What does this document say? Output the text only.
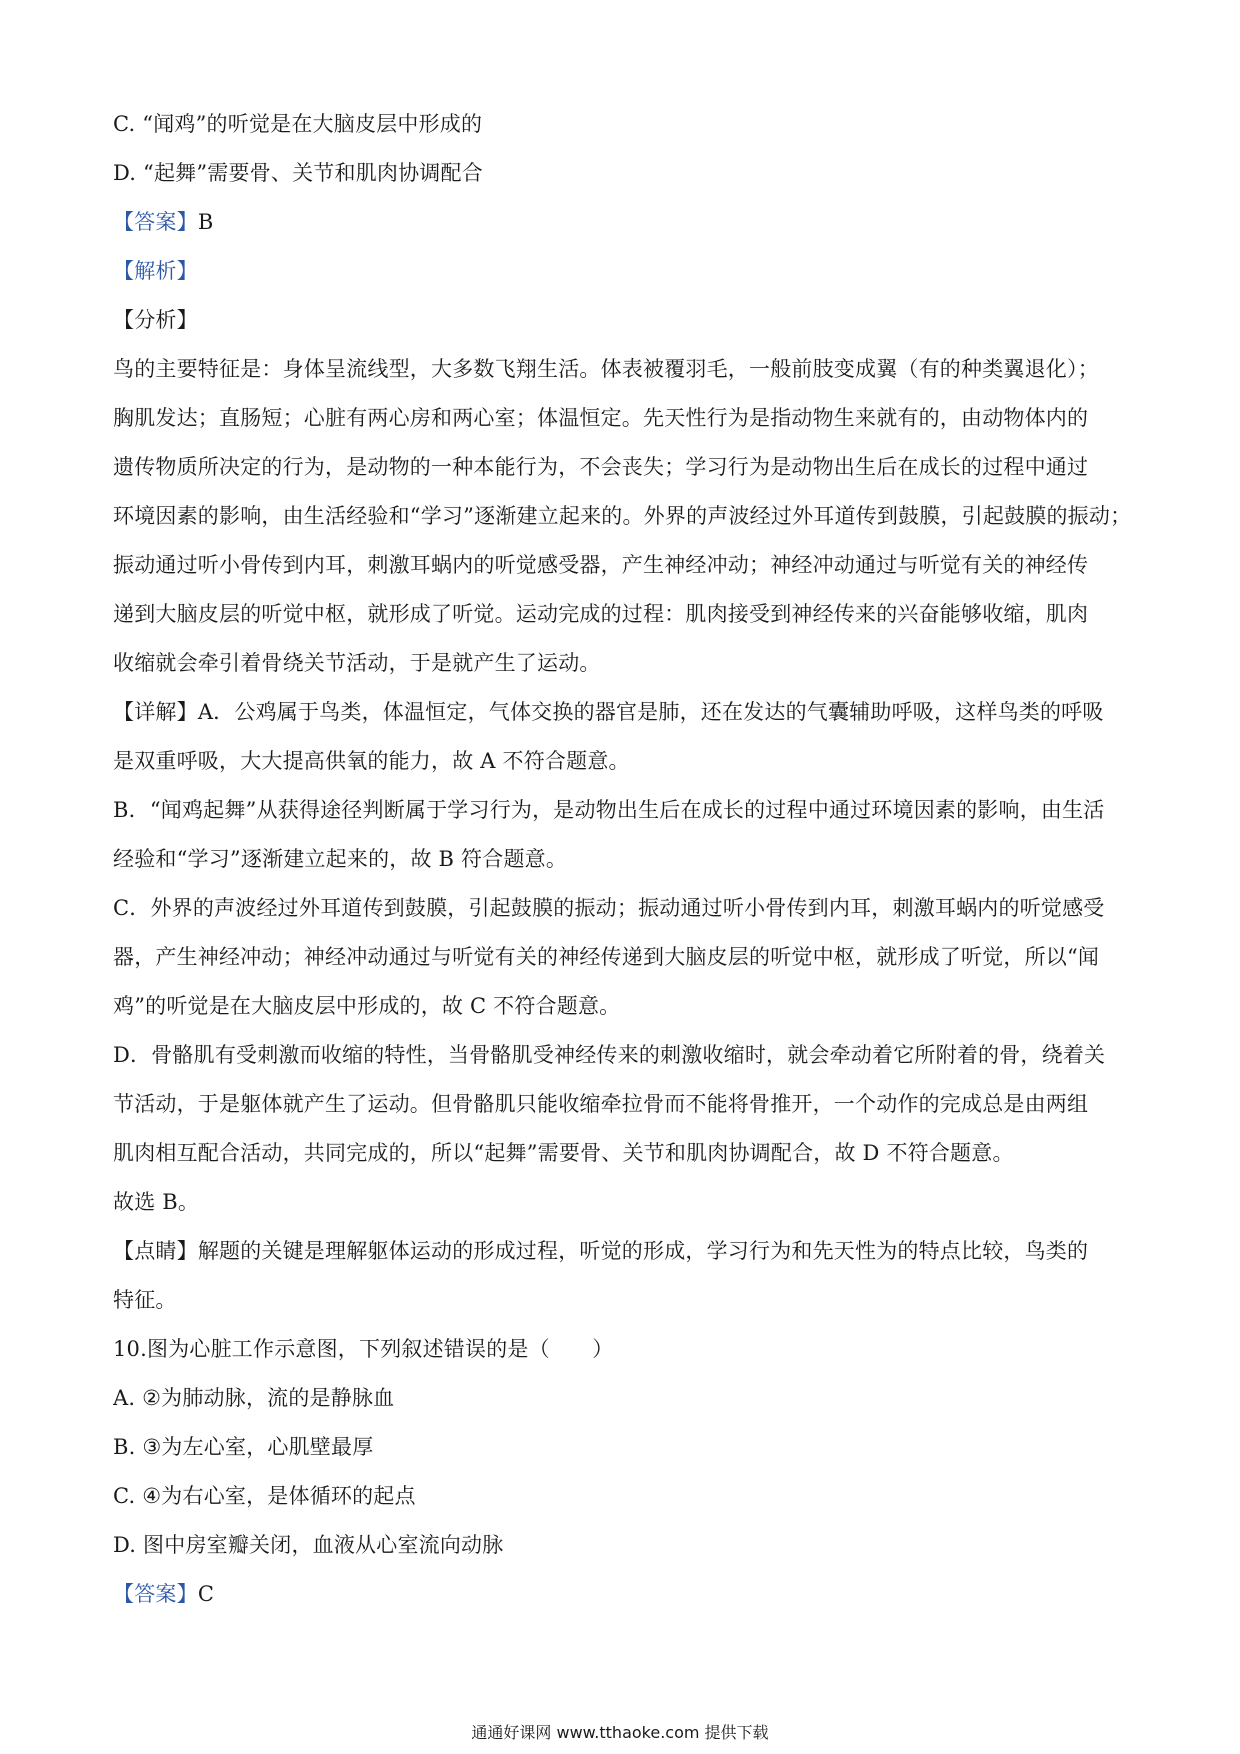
C. “闻鸡”的听觉是在大脑皮层中形成的
D. “起舞”需要骨、关节和肌肉协调配合
【答案】B
【解析】
【分析】
鸟的主要特征是：身体呈流线型，大多数飞翔生活。体表被覆羽毛，一般前肢变成翼（有的种类翼退化）；
胸肌发达；直肠短；心脏有两心房和两心室；体温恒定。先天性行为是指动物生来就有的，由动物体内的
遗传物质所决定的行为，是动物的一种本能行为，不会丧失；学习行为是动物出生后在成长的过程中通过
环境因素的影响，由生活经验和“学习”逐渐建立起来的。外界的声波经过外耳道传到鼓膜，引起鼓膜的振动；
振动通过听小骨传到内耳，刺激耳蜗内的听觉感受器，产生神经冲动；神经冲动通过与听觉有关的神经传
递到大脑皮层的听觉中枢，就形成了听觉。运动完成的过程：肌肉接受到神经传来的兴奋能够收缩，肌肉
收缩就会牵引着骨绕关节活动，于是就产生了运动。
【详解】A．公鸡属于鸟类，体温恒定，气体交换的器官是肺，还在发达的气囊辅助呼吸，这样鸟类的呼吸
是双重呼吸，大大提高供氧的能力，故 A 不符合题意。
B．“闻鸡起舞”从获得途径判断属于学习行为，是动物出生后在成长的过程中通过环境因素的影响，由生活
经验和“学习”逐渐建立起来的，故 B 符合题意。
C．外界的声波经过外耳道传到鼓膜，引起鼓膜的振动；振动通过听小骨传到内耳，刺激耳蜗内的听觉感受
器，产生神经冲动；神经冲动通过与听觉有关的神经传递到大脑皮层的听觉中枢，就形成了听觉，所以“闻
鸡”的听觉是在大脑皮层中形成的，故 C 不符合题意。
D．骨骼肌有受刺激而收缩的特性，当骨骼肌受神经传来的刺激收缩时，就会牵动着它所附着的骨，绕着关
节活动，于是躯体就产生了运动。但骨骼肌只能收缩牵拉骨而不能将骨推开，一个动作的完成总是由两组
肌肉相互配合活动，共同完成的，所以“起舞”需要骨、关节和肌肉协调配合，故 D 不符合题意。
故选 B。
【点睛】解题的关键是理解躯体运动的形成过程，听觉的形成，学习行为和先天性为的特点比较，鸟类的
特征。
10.图为心脏工作示意图，下列叙述错误的是（　　）
A. ②为肺动脉，流的是静脉血
B. ③为左心室，心肌壁最厚
C. ④为右心室，是体循环的起点
D. 图中房室瓣关闭，血液从心室流向动脉
【答案】C
通通好课网 www.tthaoke.com 提供下载
